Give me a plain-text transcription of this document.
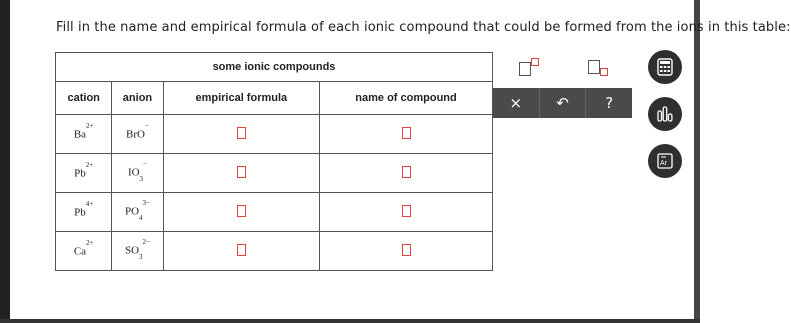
Fill in the name and empirical formula of each ionic compound that could be formed from the ions in this table:
some ionic compounds			
cation	anion	empirical formula	name of compound
$Ba^{2+}$	BrO−		
$Pb^{2+}$	$IO_3^-$		
$Pb^{4+}$	$PO_4^{3-}$		
$Ca^{2+}$	$SO_3^{2-}$		
×	↶	?
Ar
